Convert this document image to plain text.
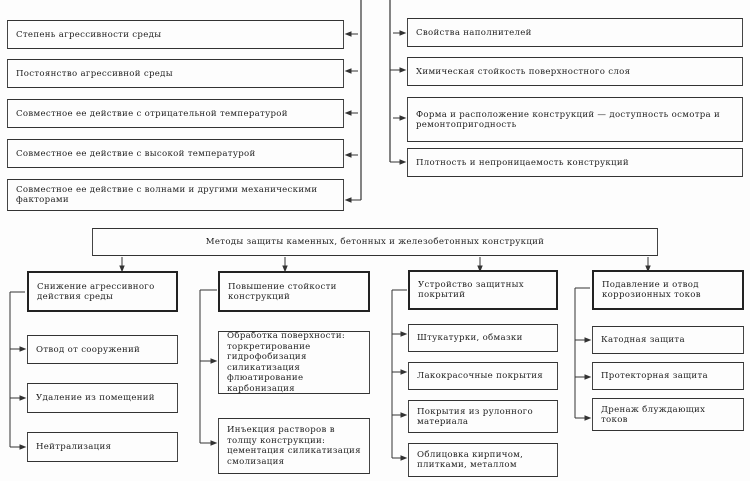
Степень агрессивности среды
Постоянство агрессивной среды
Совместное ее действие с отрицательной температурой
Совместное ее действие с высокой температурой
Совместное ее действие с волнами и другими механическими факторами
Свойства наполнителей
Химическая стойкость поверхностного слоя
Форма и расположение конструкций — доступность осмотра и ремонтопригодность
Плотность и непроницаемость конструкций
Методы защиты каменных, бетонных и железобетонных конструкций
Снижение агрессивного действия среды
Отвод от сооружений
Удаление из помещений
Нейтрализация
Повышение стойкости конструкций
Обработка поверхности: торкретирование гидрофобизация силикатизация флюатирование карбонизация
Инъекция растворов в толщу конструкции: цементация силикатизация смолизация
Устройство защитных покрытий
Штукатурки, обмазки
Лакокрасочные покрытия
Покрытия из рулонного материала
Облицовка кирпичом, плитками, металлом
Подавление и отвод коррозионных токов
Катодная защита
Протекторная защита
Дренаж блуждающих токов
